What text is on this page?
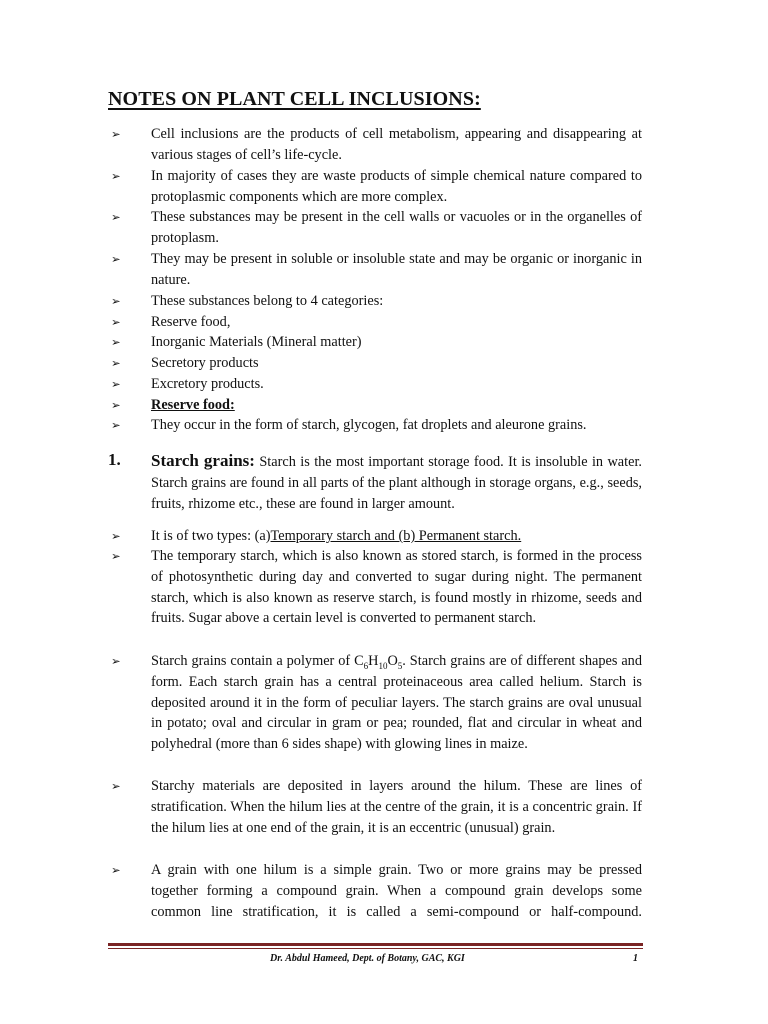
NOTES ON PLANT CELL INCLUSIONS:
➢ Cell inclusions are the products of cell metabolism, appearing and disappearing at various stages of cell’s life-cycle.
➢ In majority of cases they are waste products of simple chemical nature compared to protoplasmic components which are more complex.
➢ These substances may be present in the cell walls or vacuoles or in the organelles of protoplasm.
➢ They may be present in soluble or insoluble state and may be organic or inorganic in nature.
➢ These substances belong to 4 categories:
➢ Reserve food,
➢ Inorganic Materials (Mineral matter)
➢ Secretory products
➢ Excretory products.
➢ Reserve food:
➢ They occur in the form of starch, glycogen, fat droplets and aleurone grains.
1. Starch grains: Starch is the most important storage food. It is insoluble in water. Starch grains are found in all parts of the plant although in storage organs, e.g., seeds, fruits, rhizome etc., these are found in larger amount.
➢ It is of two types: (a)Temporary starch and (b) Permanent starch.
➢ The temporary starch, which is also known as stored starch, is formed in the process of photosynthetic during day and converted to sugar during night. The permanent starch, which is also known as reserve starch, is found mostly in rhizome, seeds and fruits. Sugar above a certain level is converted to permanent starch.
➢ Starch grains contain a polymer of $C_6H_{10}O_5$. Starch grains are of different shapes and form. Each starch grain has a central proteinaceous area called helium. Starch is deposited around it in the form of peculiar layers. The starch grains are oval unusual in potato; oval and circular in gram or pea; rounded, flat and circular in wheat and polyhedral (more than 6 sides shape) with glowing lines in maize.
➢ Starchy materials are deposited in layers around the hilum. These are lines of stratification. When the hilum lies at the centre of the grain, it is a concentric grain. If the hilum lies at one end of the grain, it is an eccentric (unusual) grain.
➢ A grain with one hilum is a simple grain. Two or more grains may be pressed together forming a compound grain. When a compound grain develops some common line stratification, it is called a semi-compound or half-compound.
Dr. Abdul Hameed, Dept. of Botany, GAC, KGI	1
